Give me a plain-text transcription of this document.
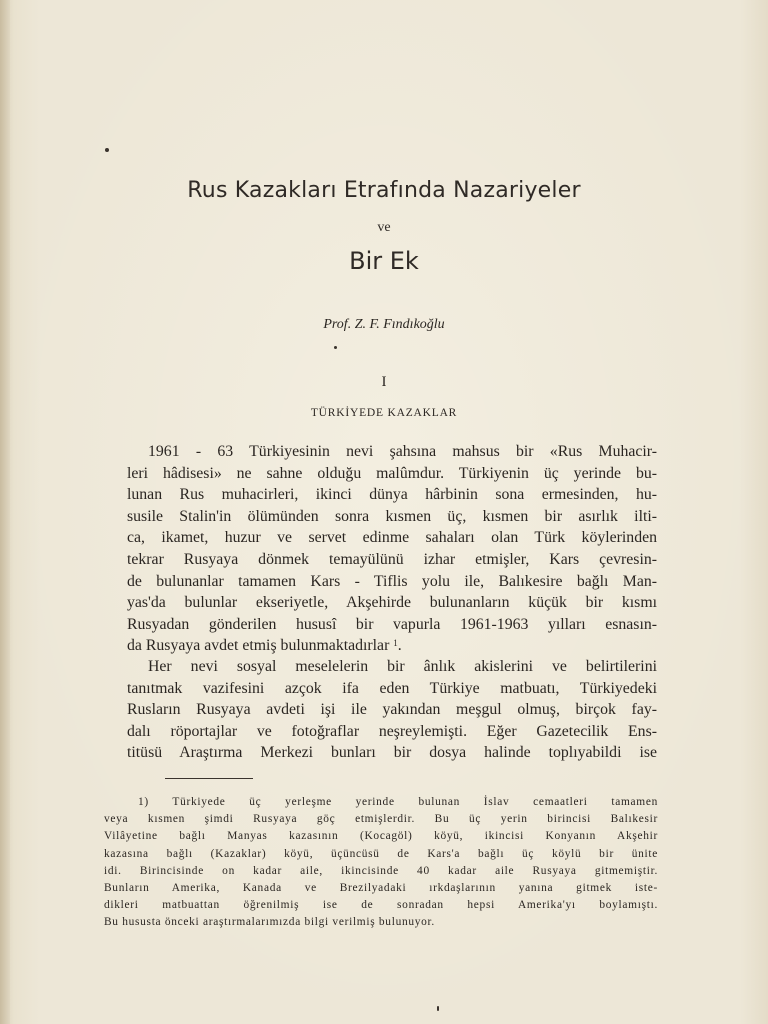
Rus Kazakları Etrafında Nazariyeler
ve
Bir Ek
Prof. Z. F. Fındıkoğlu
I
TÜRKİYEDE KAZAKLAR
1961 - 63 Türkiyesinin nevi şahsına mahsus bir «Rus Muhacir-
leri hâdisesi» ne sahne olduğu malûmdur. Türkiyenin üç yerinde bu-
lunan Rus muhacirleri, ikinci dünya hârbinin sona ermesinden, hu-
susile Stalin'in ölümünden sonra kısmen üç, kısmen bir asırlık ilti-
ca, ikamet, huzur ve servet edinme sahaları olan Türk köylerinden
tekrar Rusyaya dönmek temayülünü izhar etmişler, Kars çevresin-
de bulunanlar tamamen Kars - Tiflis yolu ile, Balıkesire bağlı Man-
yas'da bulunlar ekseriyetle, Akşehirde bulunanların küçük bir kısmı
Rusyadan gönderilen hususî bir vapurla 1961-1963 yılları esnasın-
da Rusyaya avdet etmiş bulunmaktadırlar $^1$.
Her nevi sosyal meselelerin bir ânlık akislerini ve belirtilerini
tanıtmak vazifesini azçok ifa eden Türkiye matbuatı, Türkiyedeki
Rusların Rusyaya avdeti işi ile yakından meşgul olmuş, birçok fay-
dalı röportajlar ve fotoğraflar neşreylemişti. Eğer Gazetecilik Ens-
titüsü Araştırma Merkezi bunları bir dosya halinde toplıyabildi ise
1) Türkiyede üç yerleşme yerinde bulunan İslav cemaatleri tamamen
veya kısmen şimdi Rusyaya göç etmişlerdir. Bu üç yerin birincisi Balıkesir
Vilâyetine bağlı Manyas kazasının (Kocagöl) köyü, ikincisi Konyanın Akşehir
kazasına bağlı (Kazaklar) köyü, üçüncüsü de Kars'a bağlı üç köylü bir ünite
idi. Birincisinde on kadar aile, ikincisinde 40 kadar aile Rusyaya gitmemiştir.
Bunların Amerika, Kanada ve Brezilyadaki ırkdaşlarının yanına gitmek iste-
dikleri matbuattan öğrenilmiş ise de sonradan hepsi Amerika'yı boylamıştı.
Bu hususta önceki araştırmalarımızda bilgi verilmiş bulunuyor.
